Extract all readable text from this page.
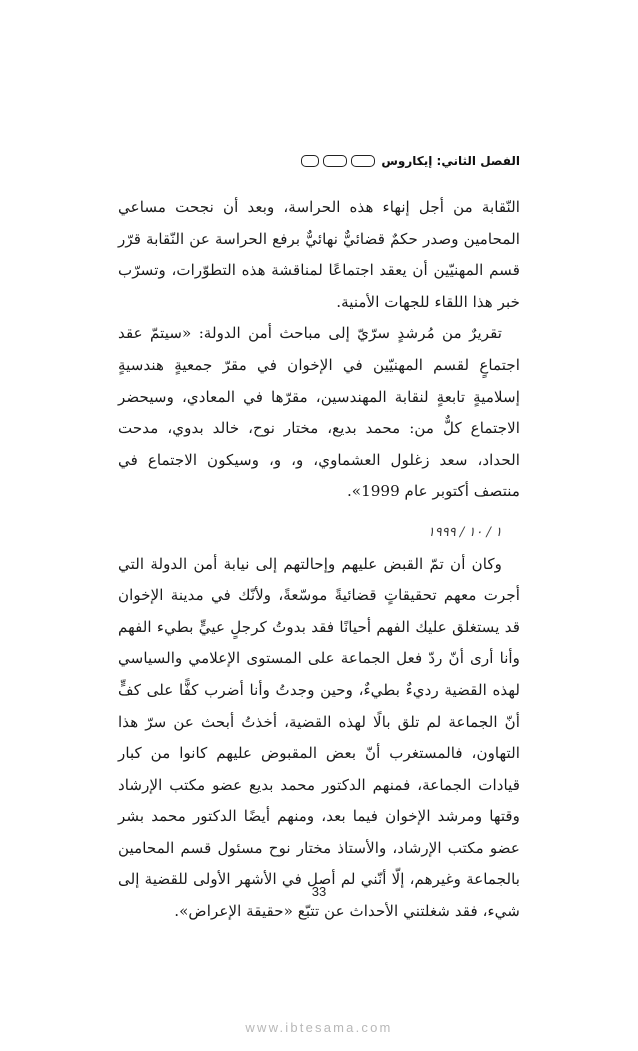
الفصل الثاني: إيكاروس

النّقابة من أجل إنهاء هذه الحراسة، وبعد أن نجحت مساعي المحامين وصدر حكمٌ قضائيٌّ نهائيٌّ برفع الحراسة عن النّقابة قرّر قسم المهنيّين أن يعقد اجتماعًا لمناقشة هذه التطوّرات، وتسرّب خبر هذا اللقاء للجهات الأمنية.

تقريرٌ من مُرشدٍ سرّيّ إلى مباحث أمن الدولة: «سيتمّ عقد اجتماعٍ لقسم المهنيّين في الإخوان في مقرّ جمعيةٍ هندسيةٍ إسلاميةٍ تابعةٍ لنقابة المهندسين، مقرّها في المعادي، وسيحضر الاجتماع كلٌّ من: محمد بديع، مختار نوح، خالد بدوي، مدحت الحداد، سعد زغلول العشماوي، و، و، وسيكون الاجتماع في منتصف أكتوبر عام 1999».

١ / ١٠ / ١٩٩٩

وكان أن تمّ القبض عليهم وإحالتهم إلى نيابة أمن الدولة التي أجرت معهم تحقيقاتٍ قضائيةً موسّعةً، ولأنّك في مدينة الإخوان قد يستغلق عليك الفهم أحيانًا فقد بدوتُ كرجلٍ عييٍّ بطيء الفهم وأنا أرى أنّ ردّ فعل الجماعة على المستوى الإعلامي والسياسي لهذه القضية رديءٌ بطيءٌ، وحين وجدتُ وأنا أضرب كفًّا على كفٍّ أنّ الجماعة لم تلق بالًا لهذه القضية، أخذتُ أبحث عن سرّ هذا التهاون، فالمستغرب أنّ بعض المقبوض عليهم كانوا من كبار قيادات الجماعة، فمنهم الدكتور محمد بديع عضو مكتب الإرشاد وقتها ومرشد الإخوان فيما بعد، ومنهم أيضًا الدكتور محمد بشر عضو مكتب الإرشاد، والأستاذ مختار نوح مسئول قسم المحامين بالجماعة وغيرهم، إلّا أنّني لم أصل في الأشهر الأولى للقضية إلى شيء، فقد شغلتني الأحداث عن تتبّع «حقيقة الإعراض».

33
www.ibtesama.com
